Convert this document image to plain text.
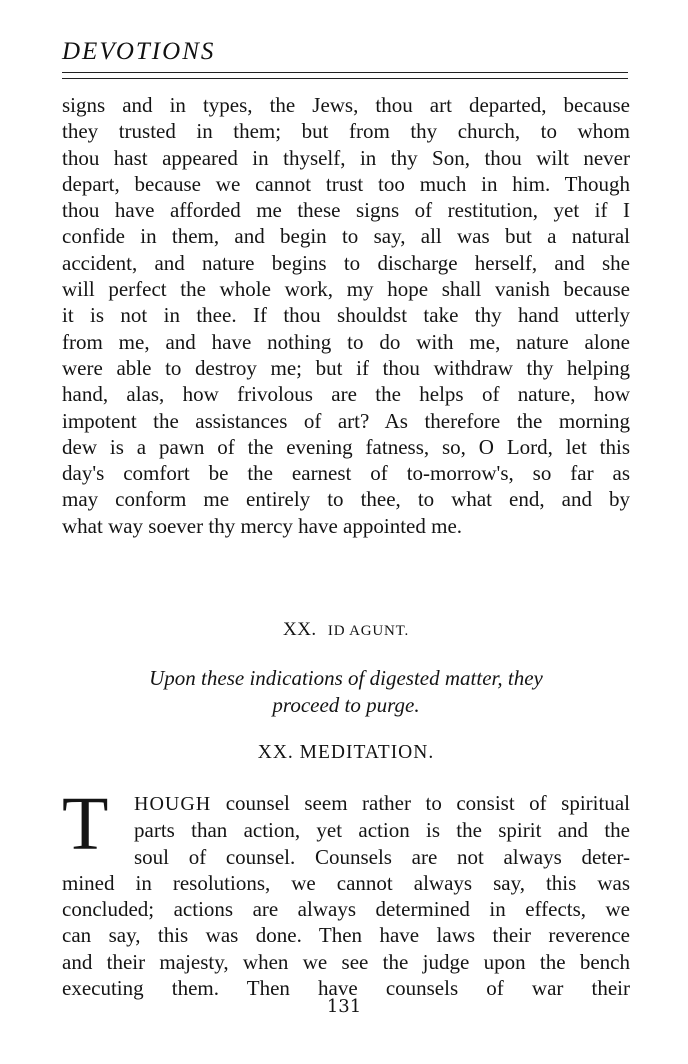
DEVOTIONS
signs and in types, the Jews, thou art departed, because
they trusted in them; but from thy church, to whom
thou hast appeared in thyself, in thy Son, thou wilt never
depart, because we cannot trust too much in him. Though
thou have afforded me these signs of restitution, yet if I
confide in them, and begin to say, all was but a natural
accident, and nature begins to discharge herself, and she
will perfect the whole work, my hope shall vanish because
it is not in thee. If thou shouldst take thy hand utterly
from me, and have nothing to do with me, nature alone
were able to destroy me; but if thou withdraw thy helping
hand, alas, how frivolous are the helps of nature, how
impotent the assistances of art? As therefore the morning
dew is a pawn of the evening fatness, so, O Lord, let this
day's comfort be the earnest of to-morrow's, so far as
may conform me entirely to thee, to what end, and by
what way soever thy mercy have appointed me.
XX. ID AGUNT.
Upon these indications of digested matter, they
proceed to purge.
XX. MEDITATION.
T	HOUGH counsel seem rather to consist of spiritual
parts than action, yet action is the spirit and the
soul of counsel. Counsels are not always deter-
mined in resolutions, we cannot always say, this was
concluded; actions are always determined in effects, we
can say, this was done. Then have laws their reverence
and their majesty, when we see the judge upon the bench
executing them. Then have counsels of war their
131
